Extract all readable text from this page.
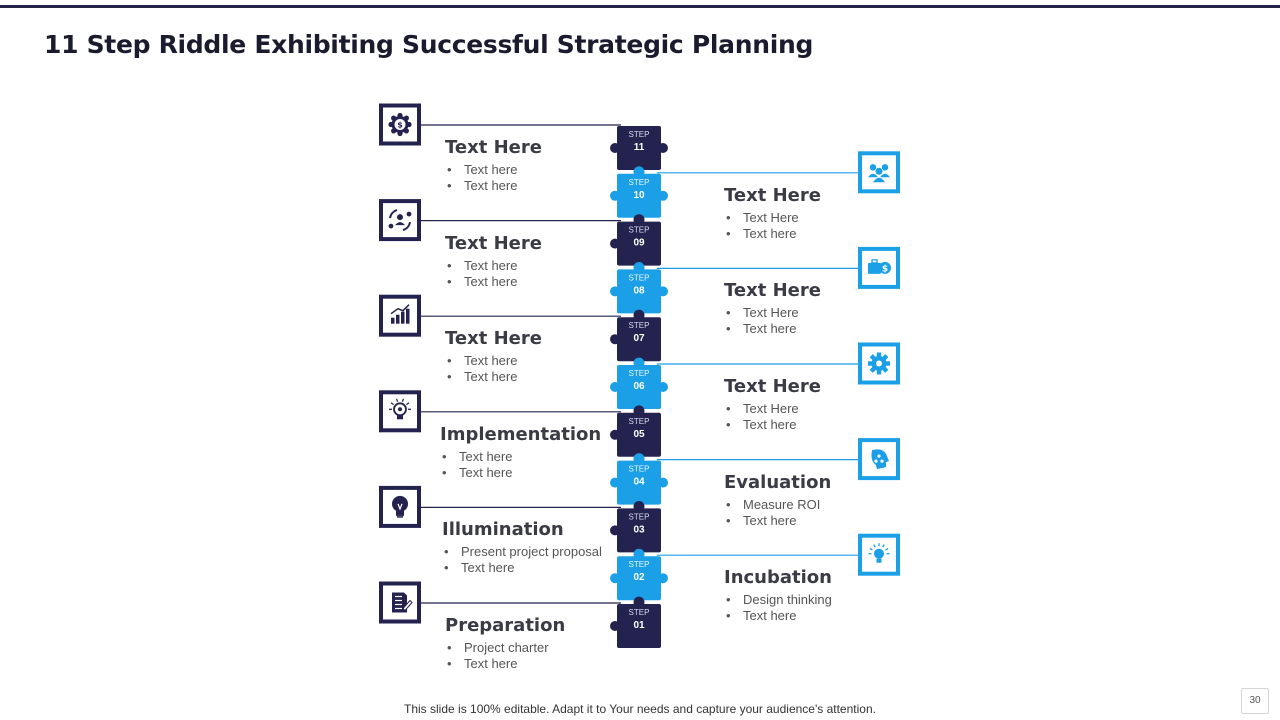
11 Step Riddle Exhibiting Successful Strategic Planning
STEP
01
STEP
02
STEP
03
STEP
04
STEP
05
STEP
06
STEP
07
STEP
08
STEP
09
STEP
10
STEP
11
$
$
Preparation
• Project charter
• Text here
Incubation
• Design thinking
• Text here
Illumination
• Present project proposal
• Text here
Evaluation
• Measure ROI
• Text here
Implementation
• Text here
• Text here
Text Here
• Text Here
• Text here
Text Here
• Text here
• Text here
Text Here
• Text Here
• Text here
Text Here
• Text here
• Text here
Text Here
• Text Here
• Text here
Text Here
• Text here
• Text here
This slide is 100% editable. Adapt it to Your needs and capture your audience's attention.
30
